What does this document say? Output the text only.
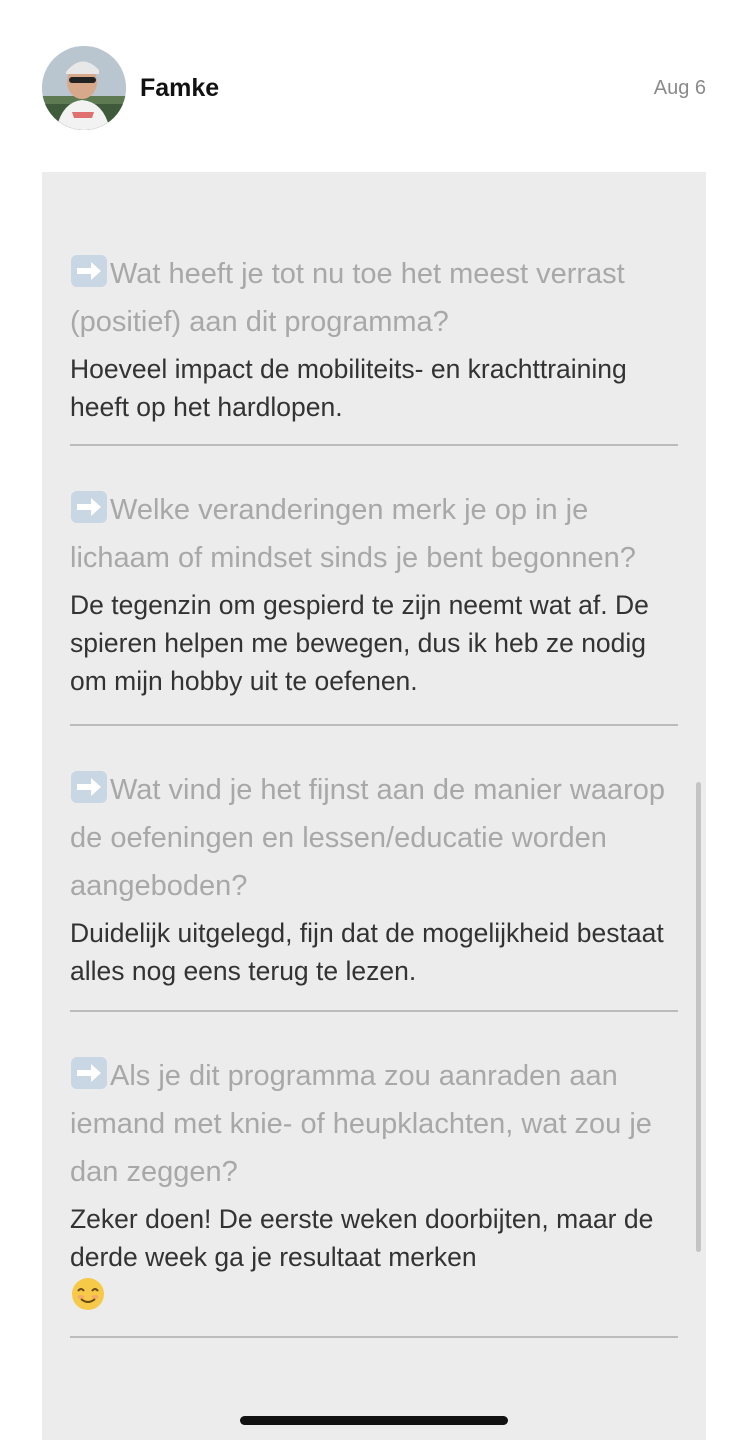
Famke	Aug 6
Wat heeft je tot nu toe het meest verrast (positief) aan dit programma?
Hoeveel impact de mobiliteits- en krachttraining heeft op het hardlopen.
Welke veranderingen merk je op in je lichaam of mindset sinds je bent begonnen?
De tegenzin om gespierd te zijn neemt wat af. De spieren helpen me bewegen, dus ik heb ze nodig om mijn hobby uit te oefenen.
Wat vind je het fijnst aan de manier waarop de oefeningen en lessen/educatie worden aangeboden?
Duidelijk uitgelegd, fijn dat de mogelijkheid bestaat alles nog eens terug te lezen.
Als je dit programma zou aanraden aan iemand met knie- of heupklachten, wat zou je dan zeggen?
Zeker doen! De eerste weken doorbijten, maar de derde week ga je resultaat merken
